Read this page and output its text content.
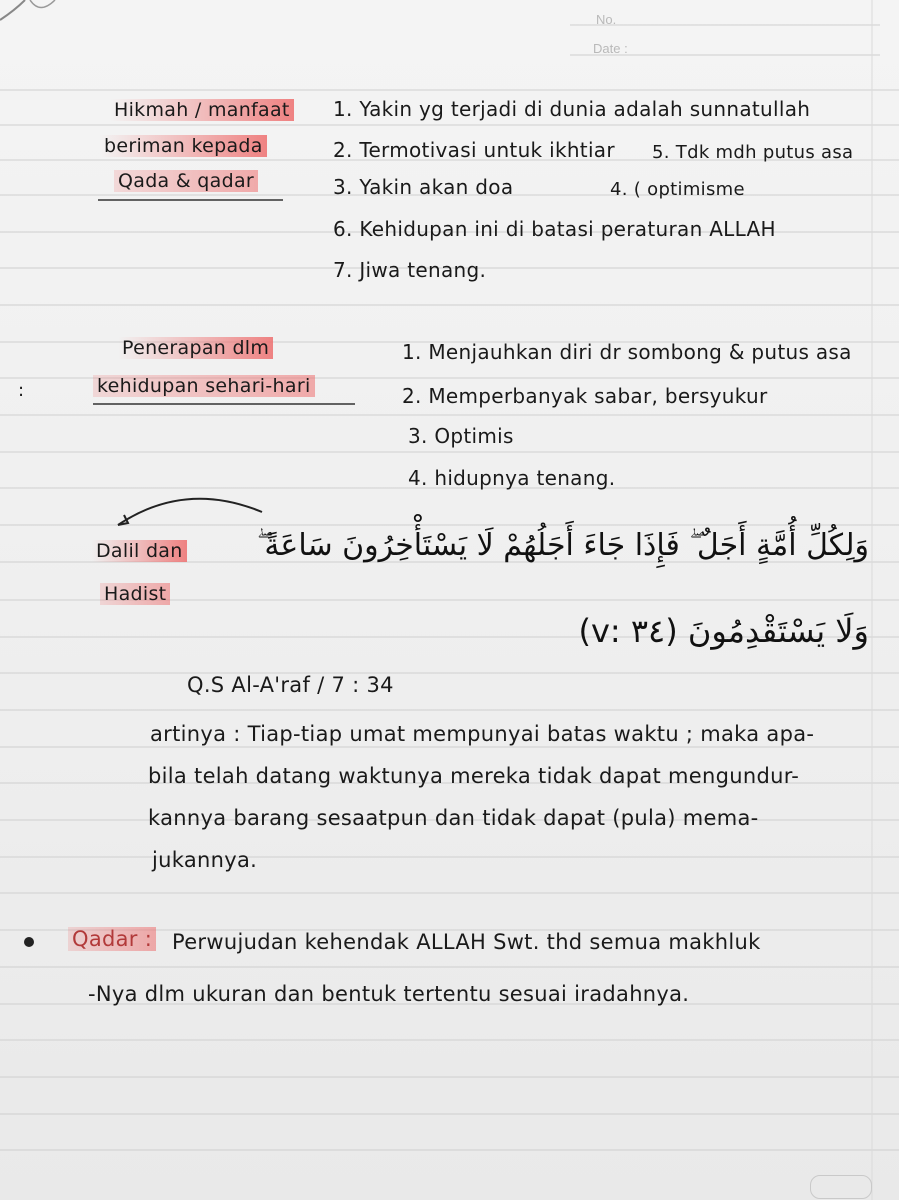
No.
Date :
Hikmah / manfaat
beriman kepada
Qada & qadar
1. Yakin yg terjadi di dunia adalah sunnatullah
2. Termotivasi untuk ikhtiar 5. Tdk mdh putus asa
3. Yakin akan doa	4. ( optimisme
6. Kehidupan ini di batasi peraturan ALLAH
7. Jiwa tenang.
:
Penerapan dlm
kehidupan sehari-hari
1. Menjauhkan diri dr sombong & putus asa
2. Memperbanyak sabar, bersyukur
3. Optimis
4. hidupnya tenang.
Dalil dan
Hadist
وَلِكُلِّ أُمَّةٍ أَجَلٌ ۖ فَإِذَا جَاءَ أَجَلُهُمْ لَا يَسْتَأْخِرُونَ سَاعَةً ۖ
وَلَا يَسْتَقْدِمُونَ (٣٤ :v)
Q.S Al-A'raf / 7 : 34
artinya : Tiap-tiap umat mempunyai batas waktu ; maka apa-
bila telah datang waktunya mereka tidak dapat mengundur-
kannya barang sesaatpun dan tidak dapat (pula) mema-
jukannya.
Qadar : Perwujudan kehendak ALLAH Swt. thd semua makhluk
-Nya dlm ukuran dan bentuk tertentu sesuai iradahnya.
